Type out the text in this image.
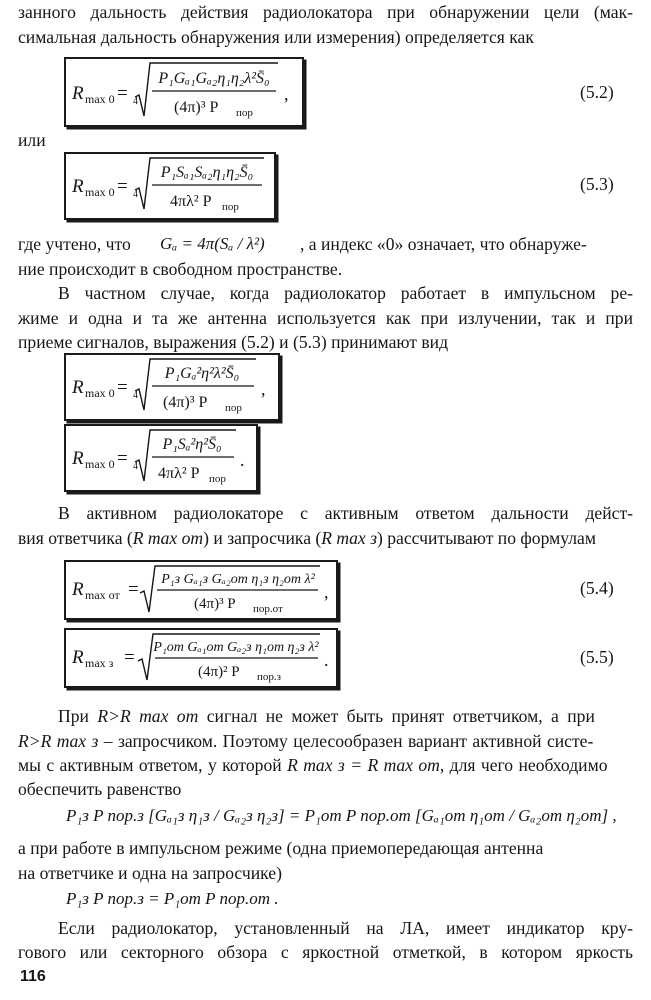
занного дальность действия радиолокатора при обнаружении цели (мак-
симальная дальность обнаружения или измерения) определяется как
R max 0 = 4
P₁Gₐ₁Gₐ₂η₁η₂λ²S̄₀
(4π)³ P пор
,	(5.2)
или
R max 0 = 4
P₁Sₐ₁Sₐ₂η₁η₂S̄₀
4πλ² P пор
(5.3)
где учтено, что	Gₐ = 4π(Sₐ / λ²) , а индекс «0» означает, что обнаруже-
ние происходит в свободном пространстве.
В частном случае, когда радиолокатор работает в импульсном ре-
жиме и одна и та же антенна используется как при излучении, так и при
приеме сигналов, выражения (5.2) и (5.3) принимают вид
R max 0 = 4
P₁Gₐ²η²λ²S̄₀
(4π)³ P пор
,
R max 0 = 4
P₁Sₐ²η²S̄₀
4πλ² P пор
.
В активном радиолокаторе с активным ответом дальности дейст-
вия ответчика (R max от) и запросчика (R max з) рассчитывают по формулам
R max от = P₁з Gₐ₁з Gₐ₂от η₁з η₂от λ²
(4π)³ P пор.от
,	(5.4)
R max з = P₁от Gₐ₁от Gₐ₂з η₁от η₂з λ²
(4π)² P пор.з
.	(5.5)
При R>R max от сигнал не может быть принят ответчиком, а при
R>R max з – запросчиком. Поэтому целесообразен вариант активной систе-
мы с активным ответом, у которой R max з = R max от, для чего необходимо
обеспечить равенство
P₁з P пор.з [Gₐ₁з η₁з / Gₐ₂з η₂з] = P₁от P пор.от [Gₐ₁от η₁от / Gₐ₂от η₂от] ,
а при работе в импульсном режиме (одна приемопередающая антенна
на ответчике и одна на запросчике)
P₁з P пор.з = P₁от P пор.от .
Если радиолокатор, установленный на ЛА, имеет индикатор кру-
гового или секторного обзора с яркостной отметкой, в котором яркость
116
